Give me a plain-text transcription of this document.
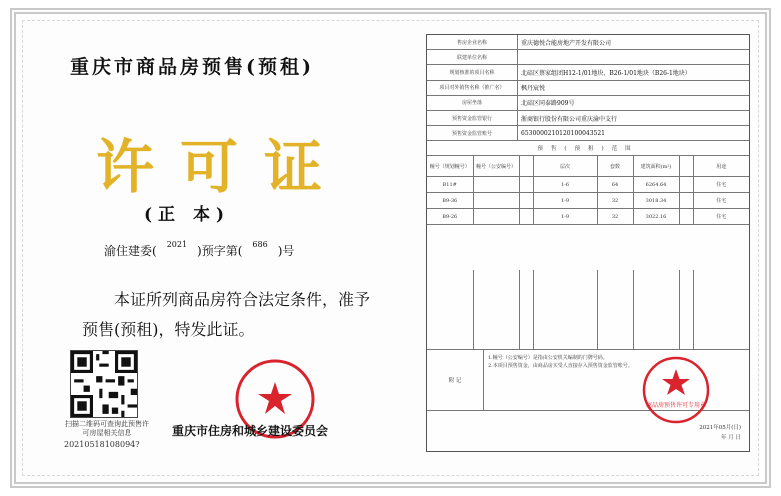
重庆市商品房预售(预租)
许可证
(正 本)
渝住建委( $^{2021}$ )预字第( $^{686}$ )号
本证所列商品房符合法定条件，准予预售(预租)，特发此证。
扫描二维码可查询此预售许可房屋相关信息
20210518108094?
重庆市住房和城乡建设委员会
售房企业名称	重庆德悦合能房地产开发有限公司
联建单位名称
规划核准的项目名称	北碚区蔡家组团H12-1/01地块、B26-1/01地块（B26-1地块）
项目对外销售名称（推广名）	枫丹宸悦
房屋坐落	北碚区同泰路909号
预售资金监管银行	浙商银行股份有限公司重庆渝中支行
预售资金监管账号	6530000210120100043521
预售(预租)范围
幢号（规划幢号）	幢号（公安编号）		层次	套数	建筑面积(m²)		用途
B11#			1-6	64	6264.64		住宅
B9-36			1-9	32	3018.34		住宅
B9-26			1-9	32	3022.16		住宅
附 记
1.幢号（公安编号）是指由公安机关编制的门牌号码。
2.本项目预售资金，由商品房买受人直接存入预售资金监管账号。
商品房预售许可专用章
2021年05月(日)
年 月 日
